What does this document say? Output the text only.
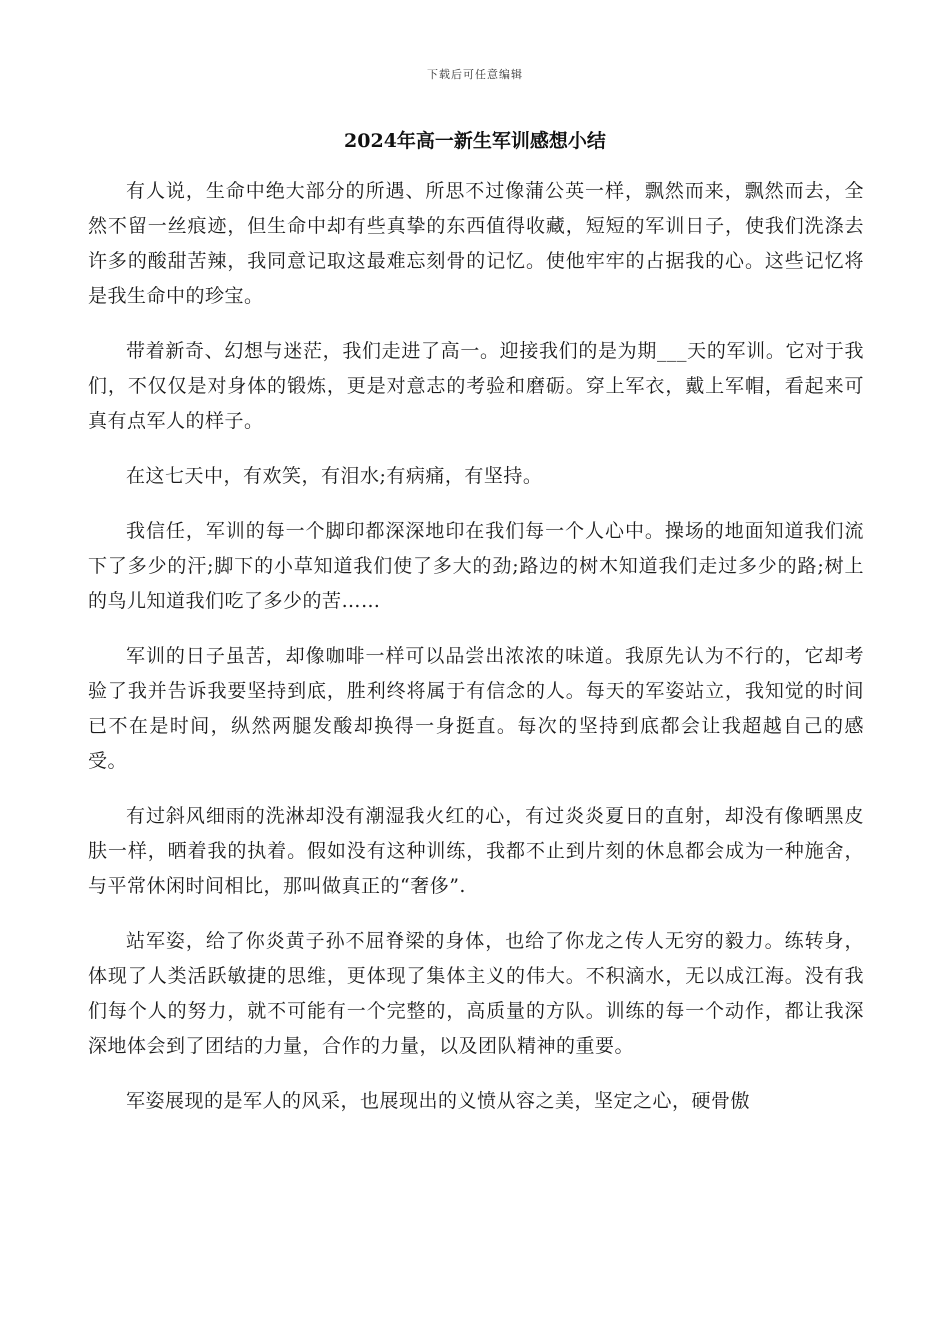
下载后可任意编辑
2024年高一新生军训感想小结

有人说，生命中绝大部分的所遇、所思不过像蒲公英一样，飘然而来，飘然而去，全然不留一丝痕迹，但生命中却有些真挚的东西值得收藏，短短的军训日子，使我们洗涤去许多的酸甜苦辣，我同意记取这最难忘刻骨的记忆。使他牢牢的占据我的心。这些记忆将是我生命中的珍宝。

带着新奇、幻想与迷茫，我们走进了高一。迎接我们的是为期___天的军训。它对于我们，不仅仅是对身体的锻炼，更是对意志的考验和磨砺。穿上军衣，戴上军帽，看起来可真有点军人的样子。

在这七天中，有欢笑，有泪水;有病痛，有坚持。

我信任，军训的每一个脚印都深深地印在我们每一个人心中。操场的地面知道我们流下了多少的汗;脚下的小草知道我们使了多大的劲;路边的树木知道我们走过多少的路;树上的鸟儿知道我们吃了多少的苦……

军训的日子虽苦，却像咖啡一样可以品尝出浓浓的味道。我原先认为不行的，它却考验了我并告诉我要坚持到底，胜利终将属于有信念的人。每天的军姿站立，我知觉的时间已不在是时间，纵然两腿发酸却换得一身挺直。每次的坚持到底都会让我超越自己的感受。

有过斜风细雨的洗淋却没有潮湿我火红的心，有过炎炎夏日的直射，却没有像晒黑皮肤一样，晒着我的执着。假如没有这种训练，我都不止到片刻的休息都会成为一种施舍，与平常休闲时间相比，那叫做真正的“奢侈”.

站军姿，给了你炎黄子孙不屈脊梁的身体，也给了你龙之传人无穷的毅力。练转身，体现了人类活跃敏捷的思维，更体现了集体主义的伟大。不积滴水，无以成江海。没有我们每个人的努力，就不可能有一个完整的，高质量的方队。训练的每一个动作，都让我深深地体会到了团结的力量，合作的力量，以及团队精神的重要。

军姿展现的是军人的风采，也展现出的义愤从容之美，坚定之心，硬骨傲
